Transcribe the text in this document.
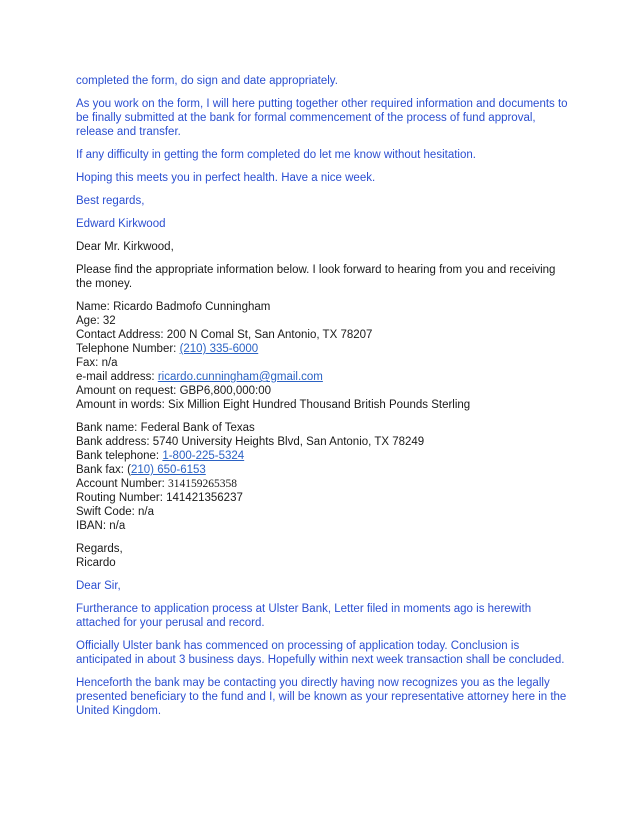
completed the form, do sign and date appropriately.

As you work on the form, I will here putting together other required information and documents to be finally submitted at the bank for formal commencement of the process of fund approval, release and transfer.

If any difficulty in getting the form completed do let me know without hesitation.

Hoping this meets you in perfect health. Have a nice week.

Best regards,

Edward Kirkwood

Dear Mr. Kirkwood,

Please find the appropriate information below. I look forward to hearing from you and receiving the money.

Name: Ricardo Badmofo Cunningham
Age: 32
Contact Address: 200 N Comal St, San Antonio, TX 78207
Telephone Number: (210) 335-6000
Fax: n/a
e-mail address: ricardo.cunningham@gmail.com
Amount on request: GBP6,800,000:00
Amount in words: Six Million Eight Hundred Thousand British Pounds Sterling
Bank name: Federal Bank of Texas
Bank address: 5740 University Heights Blvd, San Antonio, TX 78249
Bank telephone: 1-800-225-5324
Bank fax: (210) 650-6153
Account Number: 314159265358
Routing Number: 141421356237
Swift Code: n/a
IBAN: n/a
Regards,
Ricardo

Dear Sir,

Furtherance to application process at Ulster Bank, Letter filed in moments ago is herewith attached for your perusal and record.

Officially Ulster bank has commenced on processing of application today. Conclusion is anticipated in about 3 business days. Hopefully within next week transaction shall be concluded.

Henceforth the bank may be contacting you directly having now recognizes you as the legally presented beneficiary to the fund and I, will be known as your representative attorney here in the United Kingdom.
